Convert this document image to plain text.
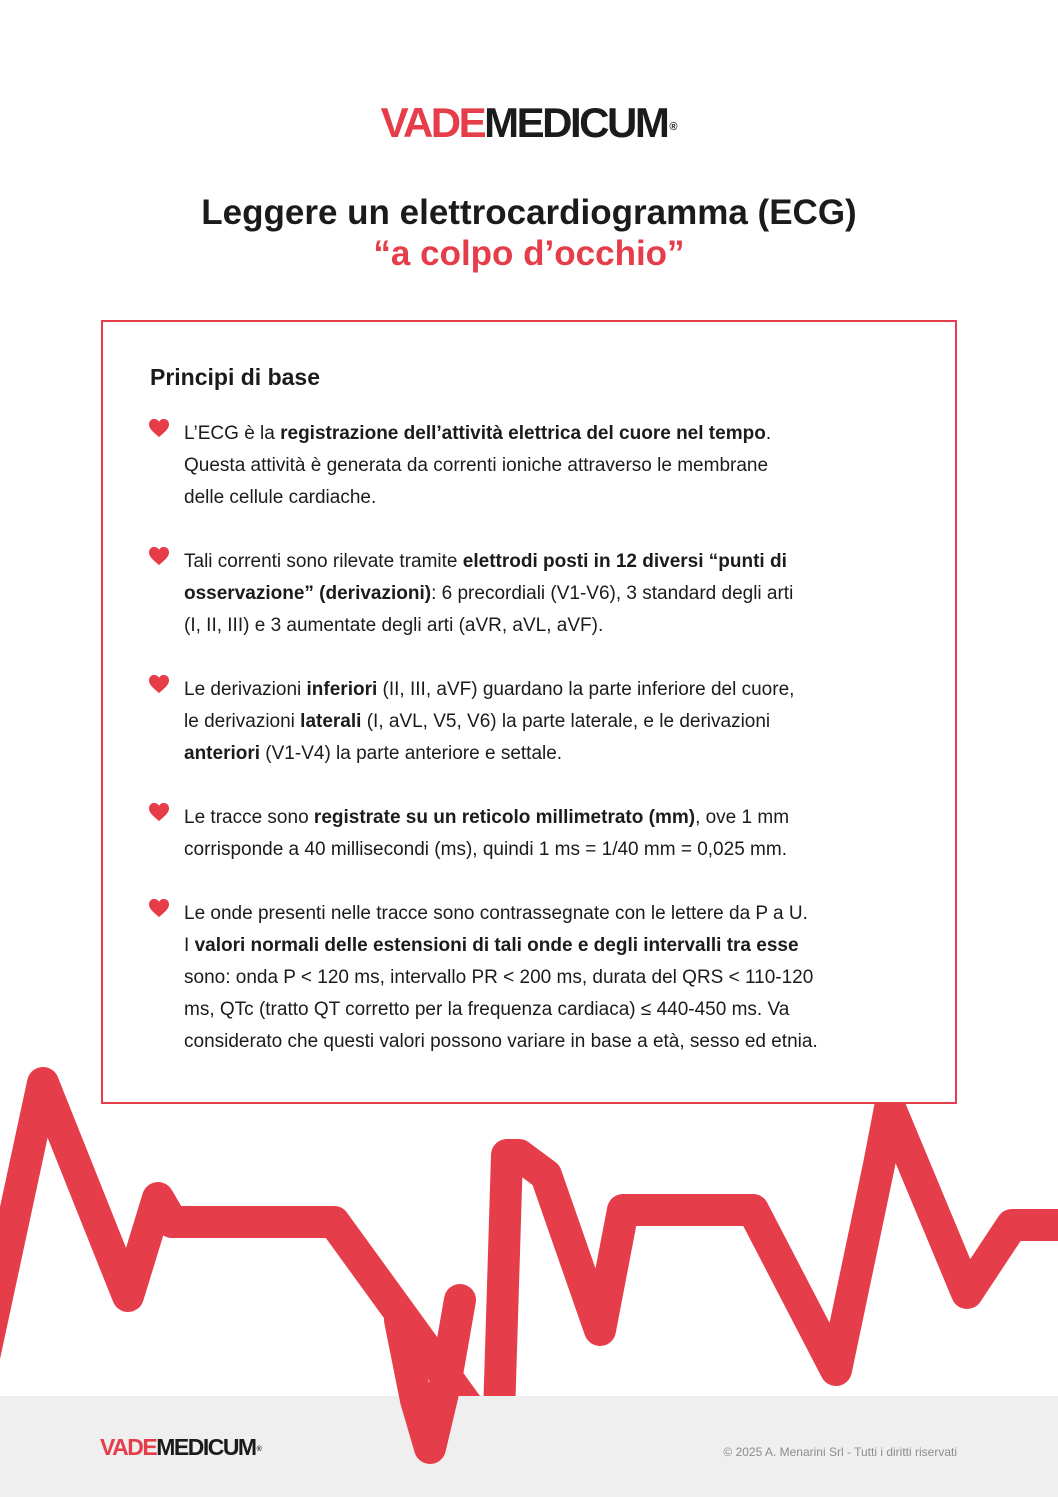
VADEMEDICUM ®
Leggere un elettrocardiogramma (ECG)
“a colpo d’occhio”
Principi di base
L’ECG è la registrazione dell’attività elettrica del cuore nel tempo.
Questa attività è generata da correnti ioniche attraverso le membrane
delle cellule cardiache.
Tali correnti sono rilevate tramite elettrodi posti in 12 diversi “punti di
osservazione” (derivazioni): 6 precordiali (V1-V6), 3 standard degli arti
(I, II, III) e 3 aumentate degli arti (aVR, aVL, aVF).
Le derivazioni inferiori (II, III, aVF) guardano la parte inferiore del cuore,
le derivazioni laterali (I, aVL, V5, V6) la parte laterale, e le derivazioni
anteriori (V1-V4) la parte anteriore e settale.
Le tracce sono registrate su un reticolo millimetrato (mm), ove 1 mm
corrisponde a 40 millisecondi (ms), quindi 1 ms = 1/40 mm = 0,025 mm.
Le onde presenti nelle tracce sono contrassegnate con le lettere da P a U.
I valori normali delle estensioni di tali onde e degli intervalli tra esse
sono: onda P < 120 ms, intervallo PR < 200 ms, durata del QRS < 110-120
ms, QTc (tratto QT corretto per la frequenza cardiaca) ≤ 440-450 ms. Va
considerato che questi valori possono variare in base a età, sesso ed etnia.
VADEMEDICUM®	© 2025 A. Menarini Srl - Tutti i diritti riservati
